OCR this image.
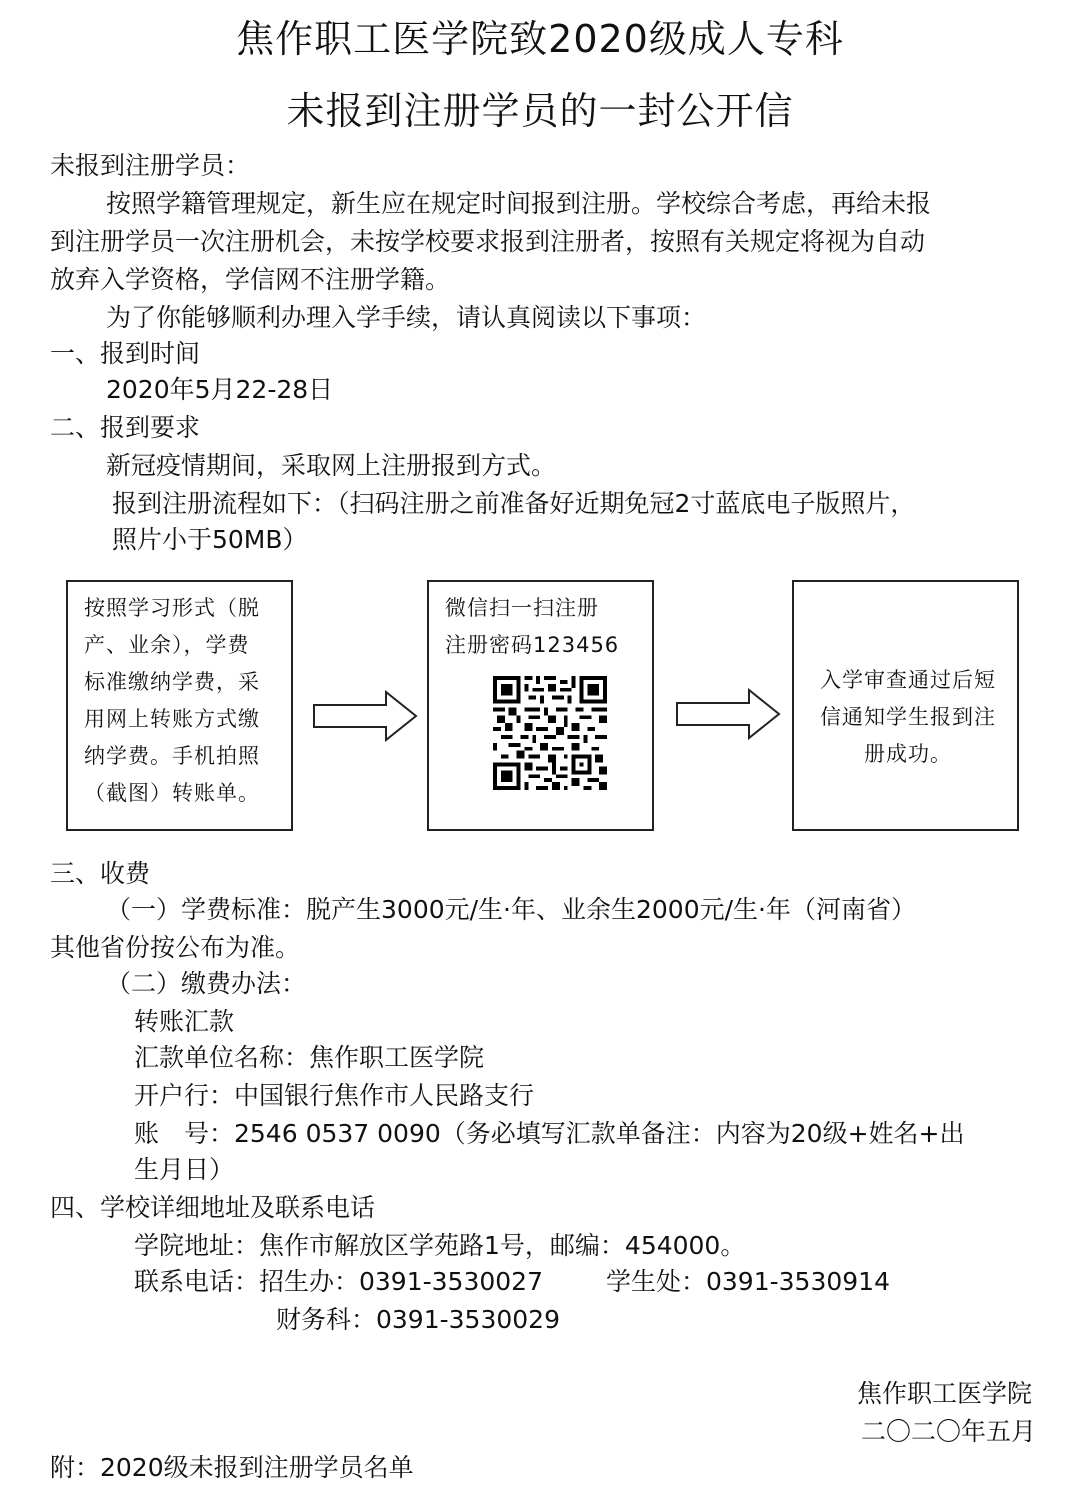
焦作职工医学院致2020级成人专科
未报到注册学员的一封公开信
未报到注册学员：
按照学籍管理规定，新生应在规定时间报到注册。学校综合考虑，再给未报
到注册学员一次注册机会，未按学校要求报到注册者，按照有关规定将视为自动
放弃入学资格，学信网不注册学籍。
为了你能够顺利办理入学手续，请认真阅读以下事项：
一、报到时间
2020年5月22-28日
二、报到要求
新冠疫情期间，采取网上注册报到方式。
报到注册流程如下：（扫码注册之前准备好近期免冠2寸蓝底电子版照片，
照片小于50MB）
按照学习形式（脱
产、业余），学费
标准缴纳学费，采
用网上转账方式缴
纳学费。手机拍照
（截图）转账单。
微信扫一扫注册
注册密码123456
入学审查通过后短
信通知学生报到注
册成功。
三、收费
（一）学费标准：脱产生3000元/生·年、业余生2000元/生·年（河南省）
其他省份按公布为准。
（二）缴费办法：
转账汇款
汇款单位名称：焦作职工医学院
开户行：中国银行焦作市人民路支行
账　号：2546 0537 0090（务必填写汇款单备注：内容为20级+姓名+出
生月日）
四、学校详细地址及联系电话
学院地址：焦作市解放区学苑路1号，邮编：454000。
联系电话：招生办：0391-3530027	学生处：0391-3530914
财务科：0391-3530029
焦作职工医学院
二〇二〇年五月
附：2020级未报到注册学员名单
